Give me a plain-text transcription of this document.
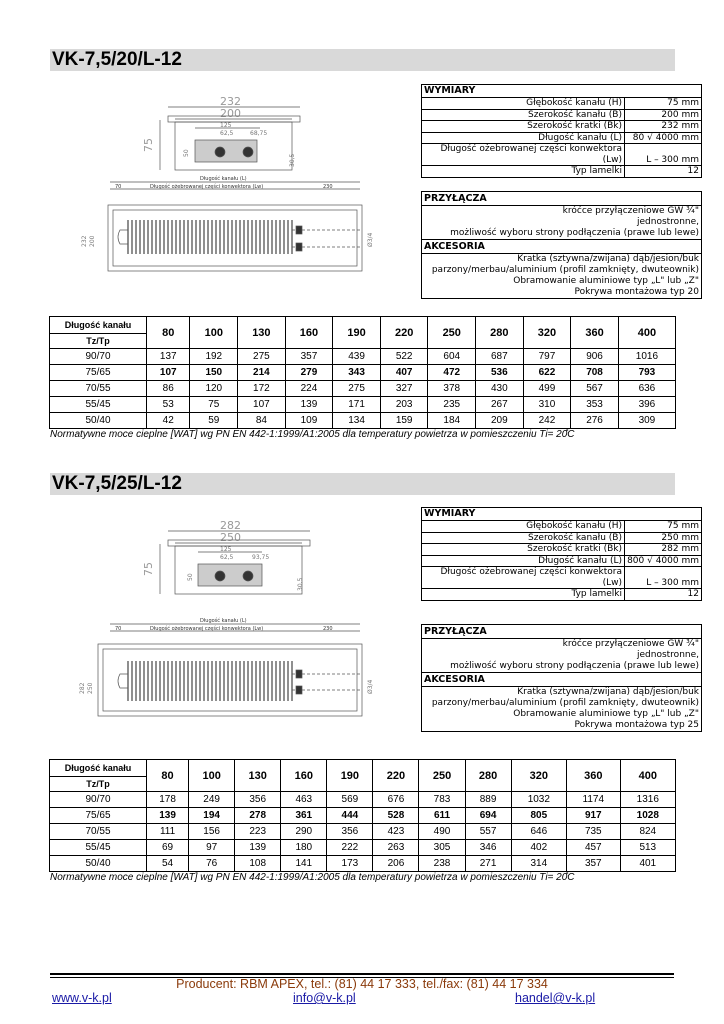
VK-7,5/20/L-12
232
200
125
62,5	68,75
75
50
30,5
Długość kanału (L)
Długość ożebrowanej części konwektora (Lw)
70	230
232 200	Ø3/4
WYMIARY	
Głębokość kanału (H)	75 mm
Szerokość kanału (B)	200 mm
Szerokość kratki (Bk)	232 mm
Długość kanału (L)	80 √ 4000 mm
Długość ożebrowanej części konwektora (Lw)	L – 300 mm
Typ lamelki	12
PRZYŁĄCZA

króćce przyłączeniowe GW ¾"
jednostronne,
możliwość wyboru strony podłączenia (prawe lub lewe)

AKCESORIA

Kratka (sztywna/zwijana) dąb/jesion/buk
parzony/merbau/aluminium (profil zamknięty, dwuteownik)
Obramowanie aluminiowe typ „L" lub „Z"
Pokrywa montażowa typ 20
Długość kanału
Tz/Tp	80	100	130	160	190	220	250	280	320	360	400
90/70	137	192	275	357	439	522	604	687	797	906	1016
75/65	107	150	214	279	343	407	472	536	622	708	793
70/55	86	120	172	224	275	327	378	430	499	567	636
55/45	53	75	107	139	171	203	235	267	310	353	396
50/40	42	59	84	109	134	159	184	209	242	276	309
Normatywne moce cieplne [WAT] wg PN EN 442-1:1999/A1:2005 dla temperatury powietrza w pomieszczeniu Ti= 20̊C
VK-7,5/25/L-12
282
250
125
62,5	93,75
75
50
30,5
Długość kanału (L)
Długość ożebrowanej części konwektora (Lw)
70	230
282 250	Ø3/4
WYMIARY	
Głębokość kanału (H)	75 mm
Szerokość kanału (B)	250 mm
Szerokość kratki (Bk)	282 mm
Długość kanału (L)	800 √ 4000 mm
Długość ożebrowanej części konwektora (Lw)	L – 300 mm
Typ lamelki	12
PRZYŁĄCZA

króćce przyłączeniowe GW ¾"
jednostronne,
możliwość wyboru strony podłączenia (prawe lub lewe)

AKCESORIA

Kratka (sztywna/zwijana) dąb/jesion/buk
parzony/merbau/aluminium (profil zamknięty, dwuteownik)
Obramowanie aluminiowe typ „L" lub „Z"
Pokrywa montażowa typ 25
Długość kanału
Tz/Tp	80	100	130	160	190	220	250	280	320	360	400
90/70	178	249	356	463	569	676	783	889	1032	1174	1316
75/65	139	194	278	361	444	528	611	694	805	917	1028
70/55	111	156	223	290	356	423	490	557	646	735	824
55/45	69	97	139	180	222	263	305	346	402	457	513
50/40	54	76	108	141	173	206	238	271	314	357	401
Normatywne moce cieplne [WAT] wg PN EN 442-1:1999/A1:2005 dla temperatury powietrza w pomieszczeniu Ti= 20̊C
Producent: RBM APEX, tel.: (81) 44 17 333, tel./fax: (81) 44 17 334
www.v-k.pl	info@v-k.pl	handel@v-k.pl
